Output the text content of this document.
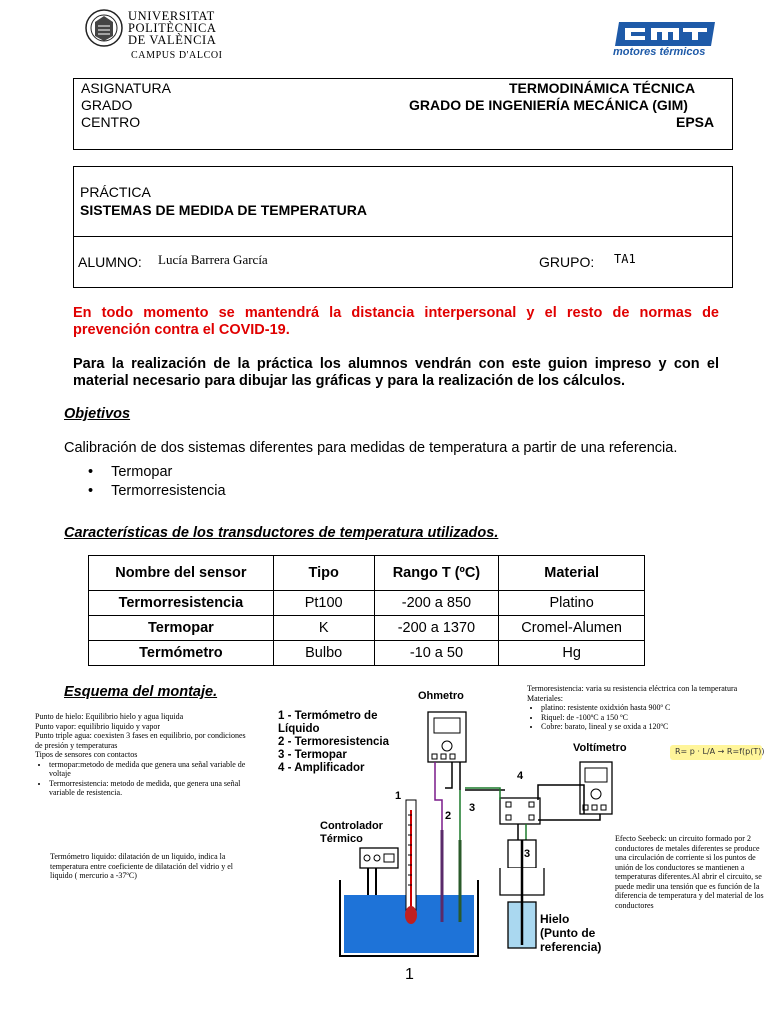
UNIVERSITAT
POLITÈCNICA
DE VALÈNCIA
CAMPUS D'ALCOI	motores térmicos
ASIGNATURA	TERMODINÁMICA TÉCNICA
GRADO	GRADO DE INGENIERÍA MECÁNICA (GIM)
CENTRO	EPSA
PRÁCTICA
SISTEMAS DE MEDIDA DE TEMPERATURA
ALUMNO: Lucía Barrera García	GRUPO: TA1
En todo momento se mantendrá la distancia interpersonal y el resto de normas de prevención contra el COVID-19.
Para la realización de la práctica los alumnos vendrán con este guion impreso y con el material necesario para dibujar las gráficas y para la realización de los cálculos.
Objetivos
Calibración de dos sistemas diferentes para medidas de temperatura a partir de una referencia.
• Termopar
• Termorresistencia
Características de los transductores de temperatura utilizados.
Nombre del sensor	Tipo	Rango T (ºC)	Material
Termorresistencia	Pt100	-200 a 850	Platino
Termopar	K	-200 a 1370	Cromel-Alumen
Termómetro	Bulbo	-10 a 50	Hg
Esquema del montaje.
Punto de hielo: Equilibrio hielo y agua liquida
Punto vapor: equilibrio liquido y vapor
Punto triple agua: coexisten 3 fases en equilibrio, por condiciones de presión y temperaturas
Tipos de sensores con contactos
• termopar:metodo de medida que genera una señal variable de voltaje
• Termorresistencia: metodo de medida, que genera una señal variable de resistencia.
Termómetro liquido: dilatación de un liquido, indica la temperatura entre coeficiente de dilatación del vidrio y el liquido ( mercurio a -37ºC)
Termoresistencia: varia su resistencia eléctrica con la temperatura
Materiales:
• platino: resistente oxidxión hasta 900º C
• Riquel: de -100ºC a 150 ºC
• Cobre: barato, lineal y se oxida a 120ºC
Efecto Seebeck: un circuito formado por 2 conductores de metales diferentes se produce una circulación de corriente si los puntos de unión de los conductores se mantienen a temperaturas diferentes.Al abrir el circuito, se puede medir una tensión que es función de la diferencia de temperatura y del material de los conductores
1 - Termómetro de Líquido
2 - Termoresistencia
3 - Termopar
4 - Amplificador
Ohmetro
Voltímetro
Controlador Térmico
Hielo (Punto de referencia)
1
2
3
3
4
R= p · L/A → R=f(p(T))
1
